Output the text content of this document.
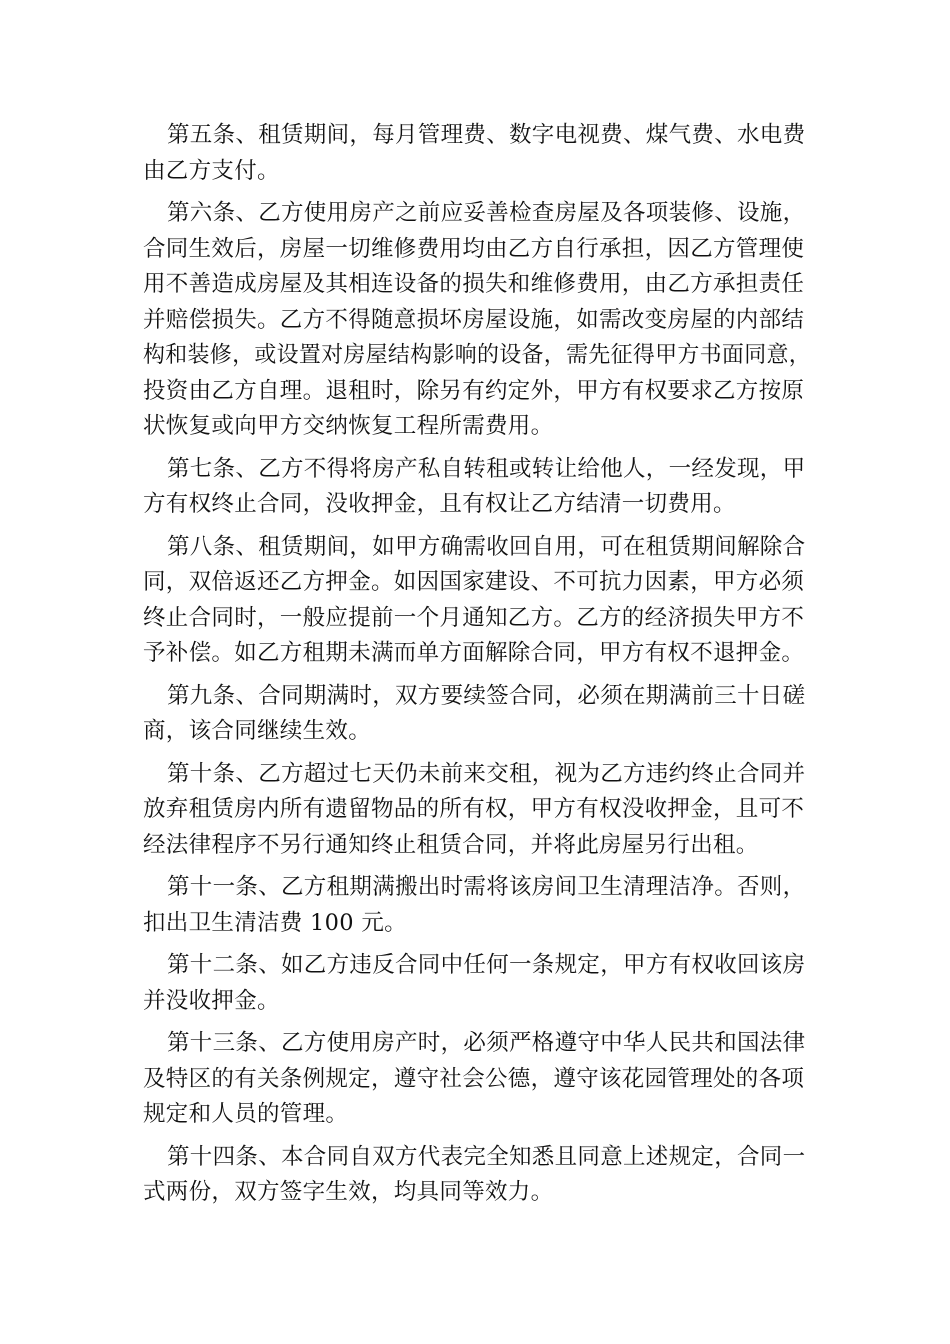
第五条、租赁期间，每月管理费、数字电视费、煤气费、水电费
由乙方支付。
第六条、乙方使用房产之前应妥善检查房屋及各项装修、设施，
合同生效后，房屋一切维修费用均由乙方自行承担，因乙方管理使
用不善造成房屋及其相连设备的损失和维修费用，由乙方承担责任
并赔偿损失。乙方不得随意损坏房屋设施，如需改变房屋的内部结
构和装修，或设置对房屋结构影响的设备，需先征得甲方书面同意，
投资由乙方自理。退租时，除另有约定外，甲方有权要求乙方按原
状恢复或向甲方交纳恢复工程所需费用。
第七条、乙方不得将房产私自转租或转让给他人，一经发现，甲
方有权终止合同，没收押金，且有权让乙方结清一切费用。
第八条、租赁期间，如甲方确需收回自用，可在租赁期间解除合
同，双倍返还乙方押金。如因国家建设、不可抗力因素，甲方必须
终止合同时，一般应提前一个月通知乙方。乙方的经济损失甲方不
予补偿。如乙方租期未满而单方面解除合同，甲方有权不退押金。
第九条、合同期满时，双方要续签合同，必须在期满前三十日磋
商，该合同继续生效。
第十条、乙方超过七天仍未前来交租，视为乙方违约终止合同并
放弃租赁房内所有遗留物品的所有权，甲方有权没收押金，且可不
经法律程序不另行通知终止租赁合同，并将此房屋另行出租。
第十一条、乙方租期满搬出时需将该房间卫生清理洁净。否则，
扣出卫生清洁费 100 元。
第十二条、如乙方违反合同中任何一条规定，甲方有权收回该房
并没收押金。
第十三条、乙方使用房产时，必须严格遵守中华人民共和国法律
及特区的有关条例规定，遵守社会公德，遵守该花园管理处的各项
规定和人员的管理。
第十四条、本合同自双方代表完全知悉且同意上述规定，合同一
式两份，双方签字生效，均具同等效力。
